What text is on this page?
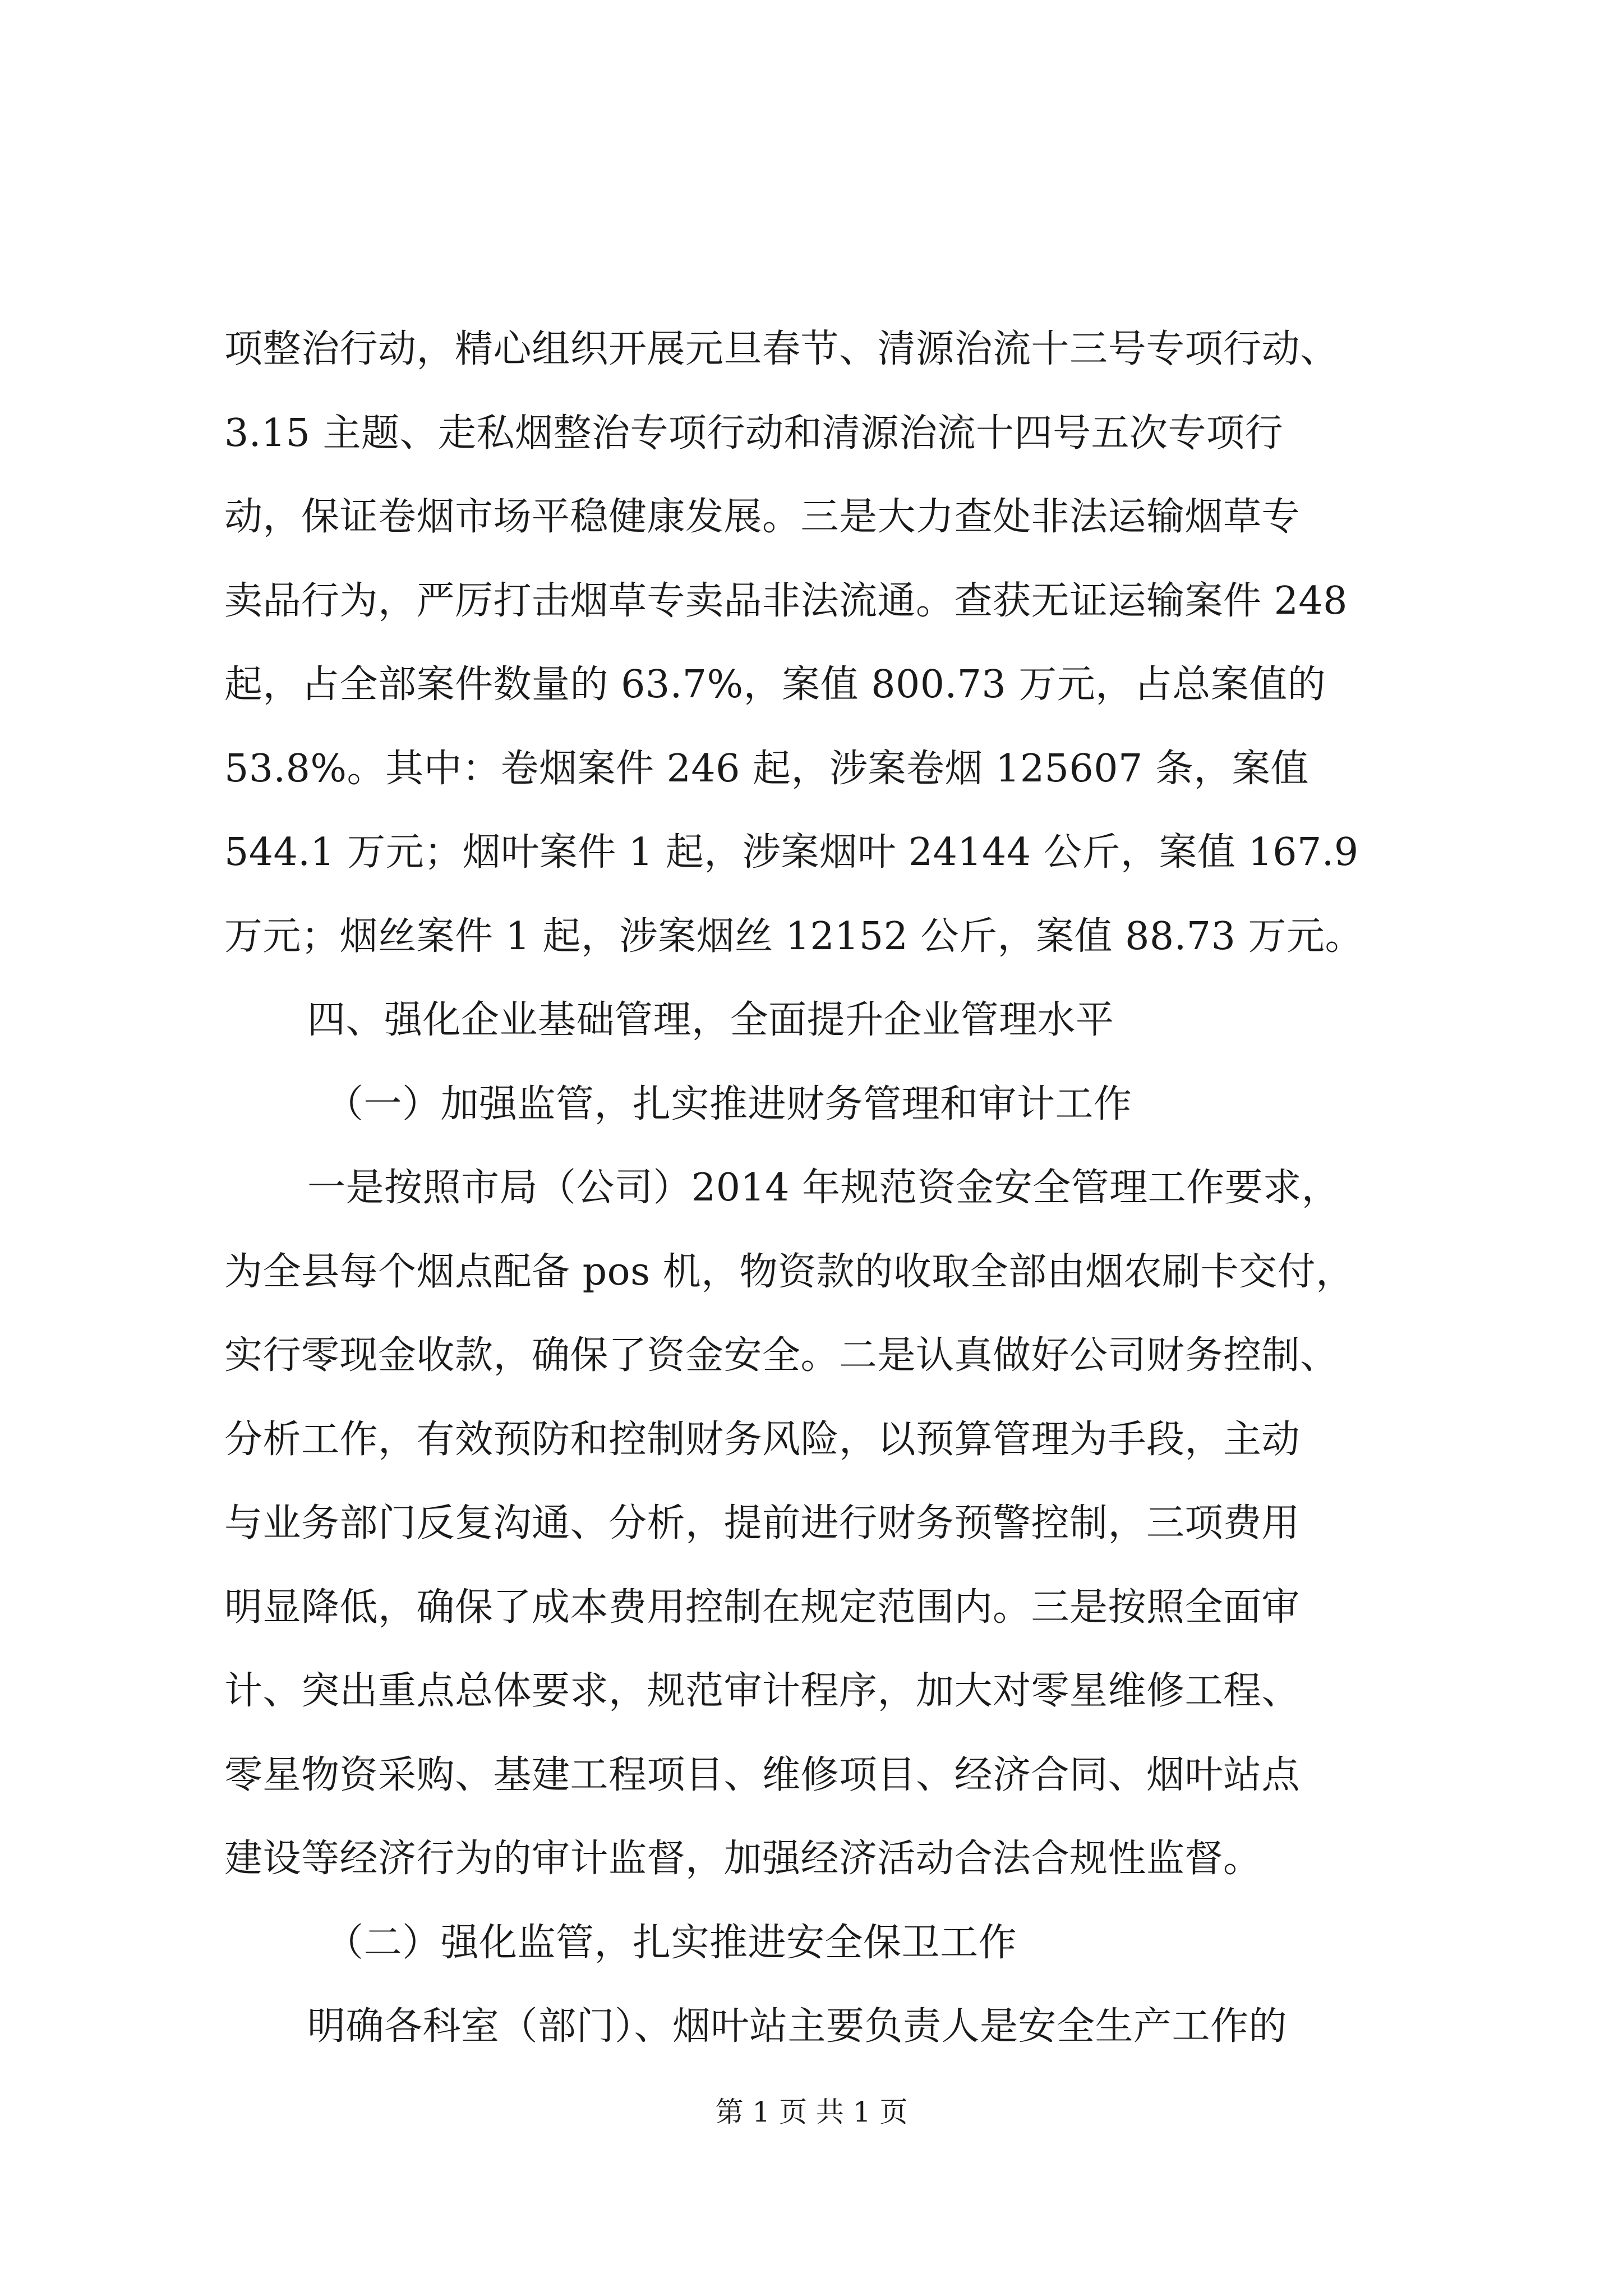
项整治行动，精心组织开展元旦春节、清源治流十三号专项行动、
3.15 主题、走私烟整治专项行动和清源治流十四号五次专项行
动，保证卷烟市场平稳健康发展。三是大力查处非法运输烟草专
卖品行为，严厉打击烟草专卖品非法流通。查获无证运输案件 248
起，占全部案件数量的 63.7%，案值 800.73 万元，占总案值的
53.8%。其中：卷烟案件 246 起，涉案卷烟 125607 条，案值
544.1 万元；烟叶案件 1 起，涉案烟叶 24144 公斤，案值 167.9
万元；烟丝案件 1 起，涉案烟丝 12152 公斤，案值 88.73 万元。
四、强化企业基础管理，全面提升企业管理水平
（一）加强监管，扎实推进财务管理和审计工作
一是按照市局（公司）2014 年规范资金安全管理工作要求，
为全县每个烟点配备 pos 机，物资款的收取全部由烟农刷卡交付，
实行零现金收款，确保了资金安全。二是认真做好公司财务控制、
分析工作，有效预防和控制财务风险，以预算管理为手段，主动
与业务部门反复沟通、分析，提前进行财务预警控制，三项费用
明显降低，确保了成本费用控制在规定范围内。三是按照全面审
计、突出重点总体要求，规范审计程序，加大对零星维修工程、
零星物资采购、基建工程项目、维修项目、经济合同、烟叶站点
建设等经济行为的审计监督，加强经济活动合法合规性监督。
（二）强化监管，扎实推进安全保卫工作
明确各科室（部门）、烟叶站主要负责人是安全生产工作的
第 1 页 共 1 页
